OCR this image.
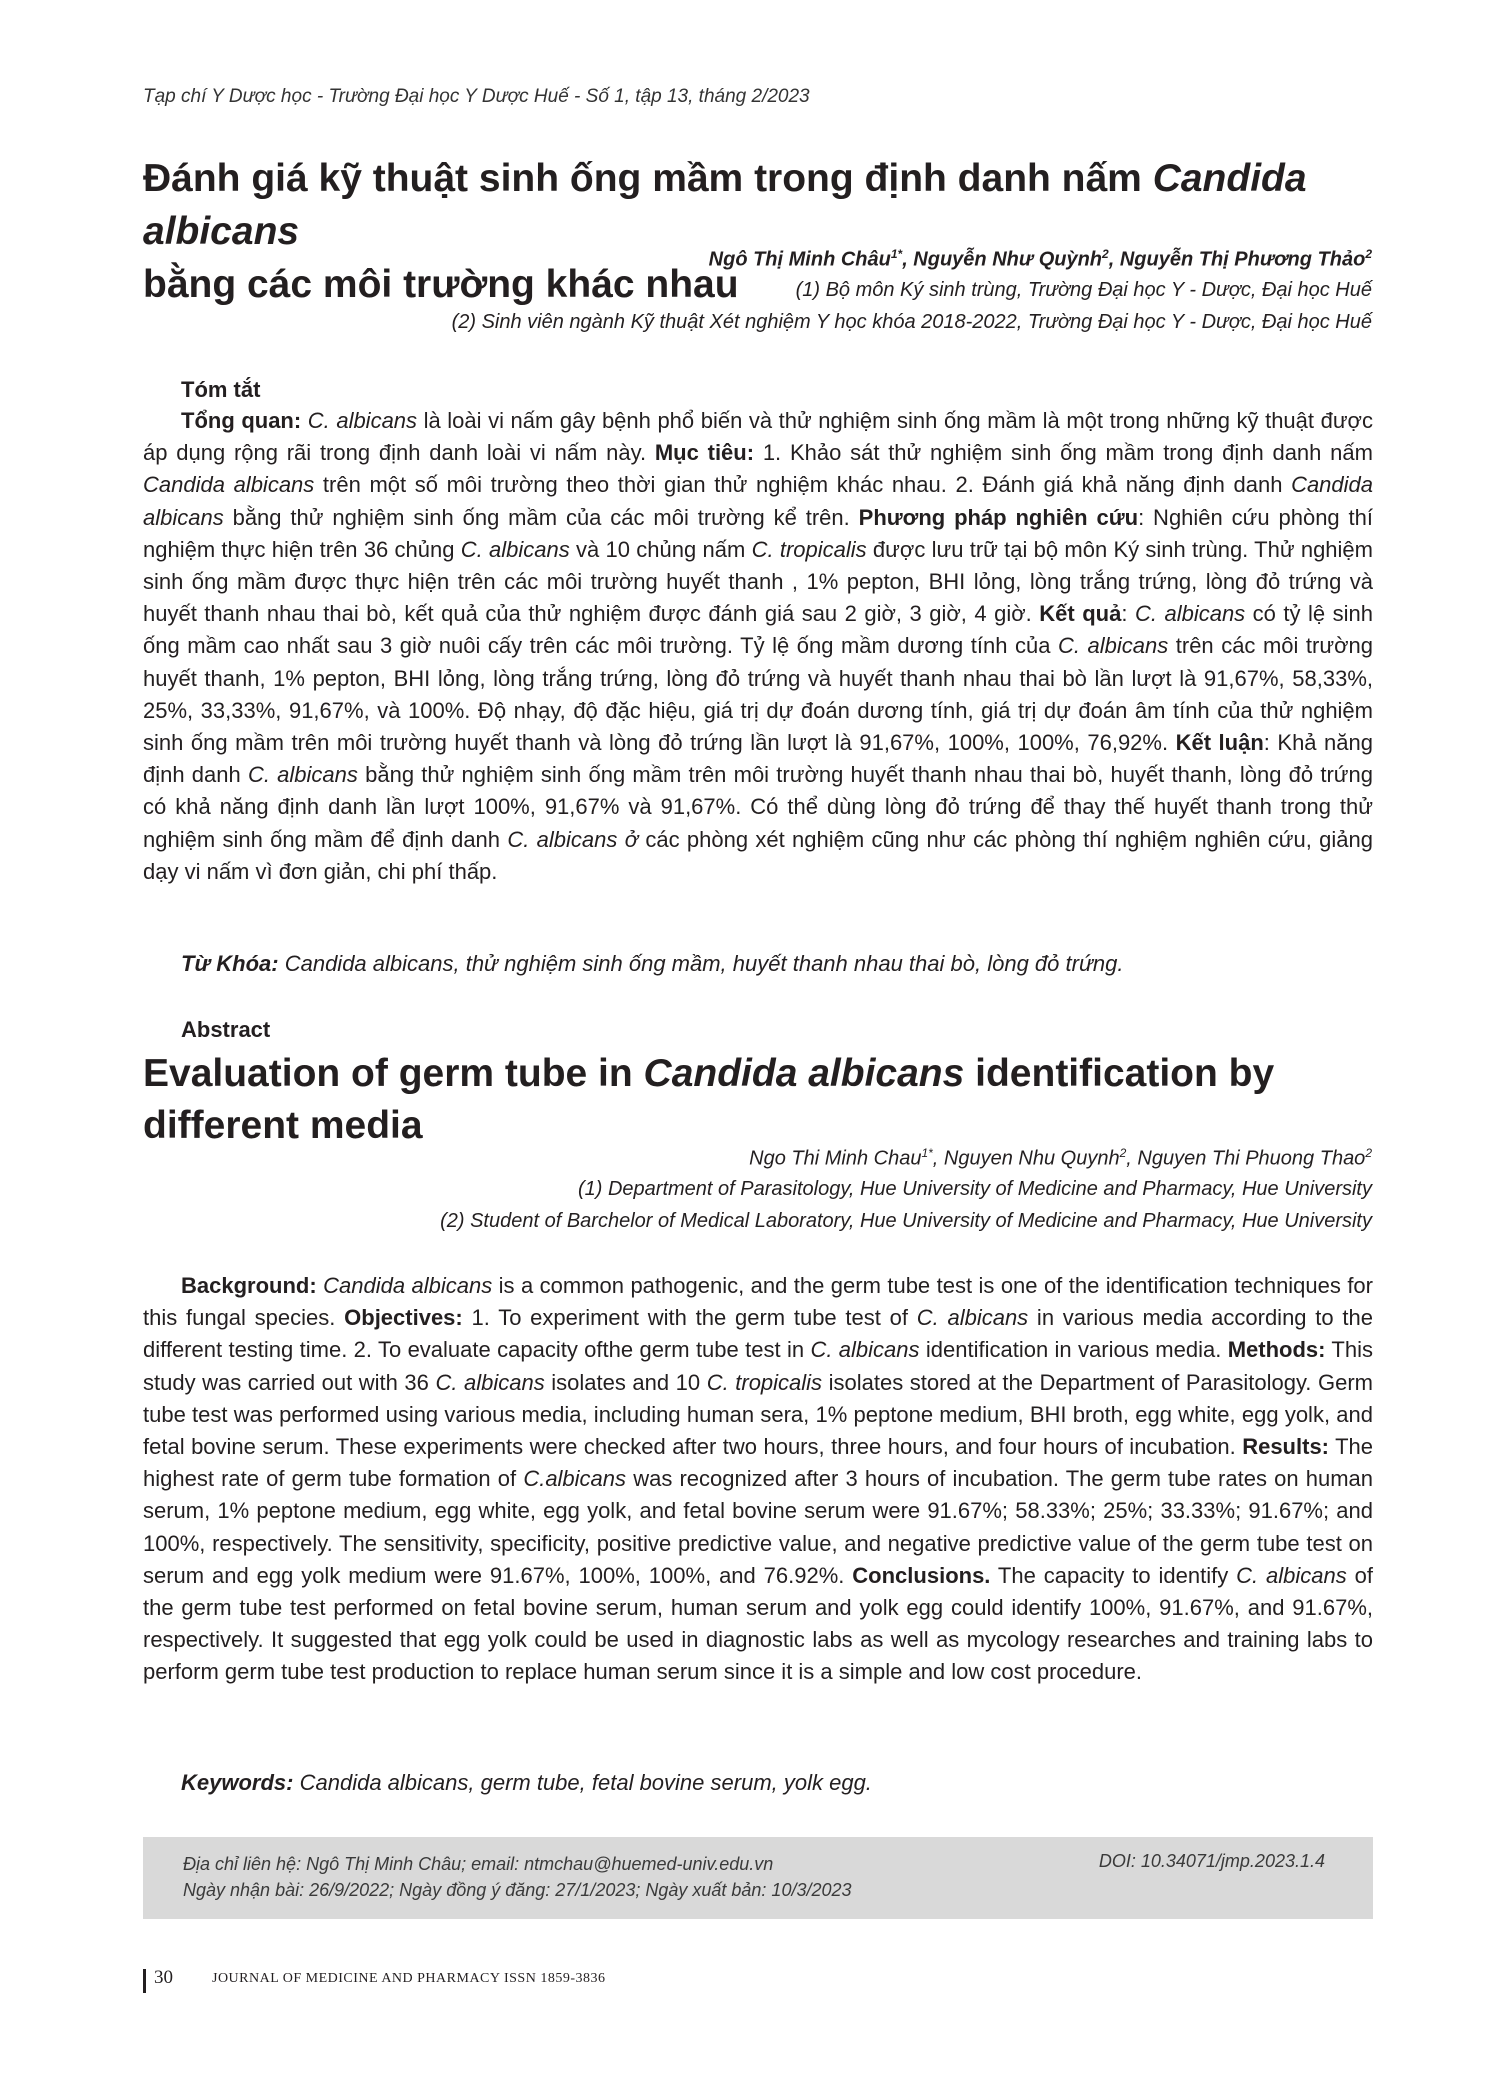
Tạp chí Y Dược học - Trường Đại học Y Dược Huế - Số 1, tập 13, tháng 2/2023
Đánh giá kỹ thuật sinh ống mầm trong định danh nấm Candida albicans
bằng các môi trường khác nhau
Ngô Thị Minh Châu$^{1*}$, Nguyễn Như Quỳnh$^2$, Nguyễn Thị Phương Thảo$^2$
(1) Bộ môn Ký sinh trùng, Trường Đại học Y - Dược, Đại học Huế
(2) Sinh viên ngành Kỹ thuật Xét nghiệm Y học khóa 2018-2022, Trường Đại học Y - Dược, Đại học Huế
Tóm tắt

Tổng quan: C. albicans là loài vi nấm gây bệnh phổ biến và thử nghiệm sinh ống mầm là một trong những kỹ thuật được áp dụng rộng rãi trong định danh loài vi nấm này. Mục tiêu: 1. Khảo sát thử nghiệm sinh ống mầm trong định danh nấm Candida albicans trên một số môi trường theo thời gian thử nghiệm khác nhau. 2. Đánh giá khả năng định danh Candida albicans bằng thử nghiệm sinh ống mầm của các môi trường kể trên. Phương pháp nghiên cứu: Nghiên cứu phòng thí nghiệm thực hiện trên 36 chủng C. albicans và 10 chủng nấm C. tropicalis được lưu trữ tại bộ môn Ký sinh trùng. Thử nghiệm sinh ống mầm được thực hiện trên các môi trường huyết thanh , 1% pepton, BHI lỏng, lòng trắng trứng, lòng đỏ trứng và huyết thanh nhau thai bò, kết quả của thử nghiệm được đánh giá sau 2 giờ, 3 giờ, 4 giờ. Kết quả: C. albicans có tỷ lệ sinh ống mầm cao nhất sau 3 giờ nuôi cấy trên các môi trường. Tỷ lệ ống mầm dương tính của C. albicans trên các môi trường huyết thanh, 1% pepton, BHI lỏng, lòng trắng trứng, lòng đỏ trứng và huyết thanh nhau thai bò lần lượt là 91,67%, 58,33%, 25%, 33,33%, 91,67%, và 100%. Độ nhạy, độ đặc hiệu, giá trị dự đoán dương tính, giá trị dự đoán âm tính của thử nghiệm sinh ống mầm trên môi trường huyết thanh và lòng đỏ trứng lần lượt là 91,67%, 100%, 100%, 76,92%. Kết luận: Khả năng định danh C. albicans bằng thử nghiệm sinh ống mầm trên môi trường huyết thanh nhau thai bò, huyết thanh, lòng đỏ trứng có khả năng định danh lần lượt 100%, 91,67% và 91,67%. Có thể dùng lòng đỏ trứng để thay thế huyết thanh trong thử nghiệm sinh ống mầm để định danh C. albicans ở các phòng xét nghiệm cũng như các phòng thí nghiệm nghiên cứu, giảng dạy vi nấm vì đơn giản, chi phí thấp.

Từ Khóa: Candida albicans, thử nghiệm sinh ống mầm, huyết thanh nhau thai bò, lòng đỏ trứng.
Abstract
Evaluation of germ tube in Candida albicans identification by different media
Ngo Thi Minh Chau$^{1*}$, Nguyen Nhu Quynh$^2$, Nguyen Thi Phuong Thao$^2$
(1) Department of Parasitology, Hue University of Medicine and Pharmacy, Hue University
(2) Student of Barchelor of Medical Laboratory, Hue University of Medicine and Pharmacy, Hue University

Background: Candida albicans is a common pathogenic, and the germ tube test is one of the identification techniques for this fungal species. Objectives: 1. To experiment with the germ tube test of C. albicans in various media according to the different testing time. 2. To evaluate capacity ofthe germ tube test in C. albicans identification in various media. Methods: This study was carried out with 36 C. albicans isolates and 10 C. tropicalis isolates stored at the Department of Parasitology. Germ tube test was performed using various media, including human sera, 1% peptone medium, BHI broth, egg white, egg yolk, and fetal bovine serum. These experiments were checked after two hours, three hours, and four hours of incubation. Results: The highest rate of germ tube formation of C.albicans was recognized after 3 hours of incubation. The germ tube rates on human serum, 1% peptone medium, egg white, egg yolk, and fetal bovine serum were 91.67%; 58.33%; 25%; 33.33%; 91.67%; and 100%, respectively. The sensitivity, specificity, positive predictive value, and negative predictive value of the germ tube test on serum and egg yolk medium were 91.67%, 100%, 100%, and 76.92%. Conclusions. The capacity to identify C. albicans of the germ tube test performed on fetal bovine serum, human serum and yolk egg could identify 100%, 91.67%, and 91.67%, respectively. It suggested that egg yolk could be used in diagnostic labs as well as mycology researches and training labs to perform germ tube test production to replace human serum since it is a simple and low cost procedure.

Keywords: Candida albicans, germ tube, fetal bovine serum, yolk egg.
Địa chỉ liên hệ: Ngô Thị Minh Châu; email: ntmchau@huemed-univ.edu.vn
Ngày nhận bài: 26/9/2022; Ngày đồng ý đăng: 27/1/2023; Ngày xuất bản: 10/3/2023
DOI: 10.34071/jmp.2023.1.4
30	JOURNAL OF MEDICINE AND PHARMACY ISSN 1859-3836
